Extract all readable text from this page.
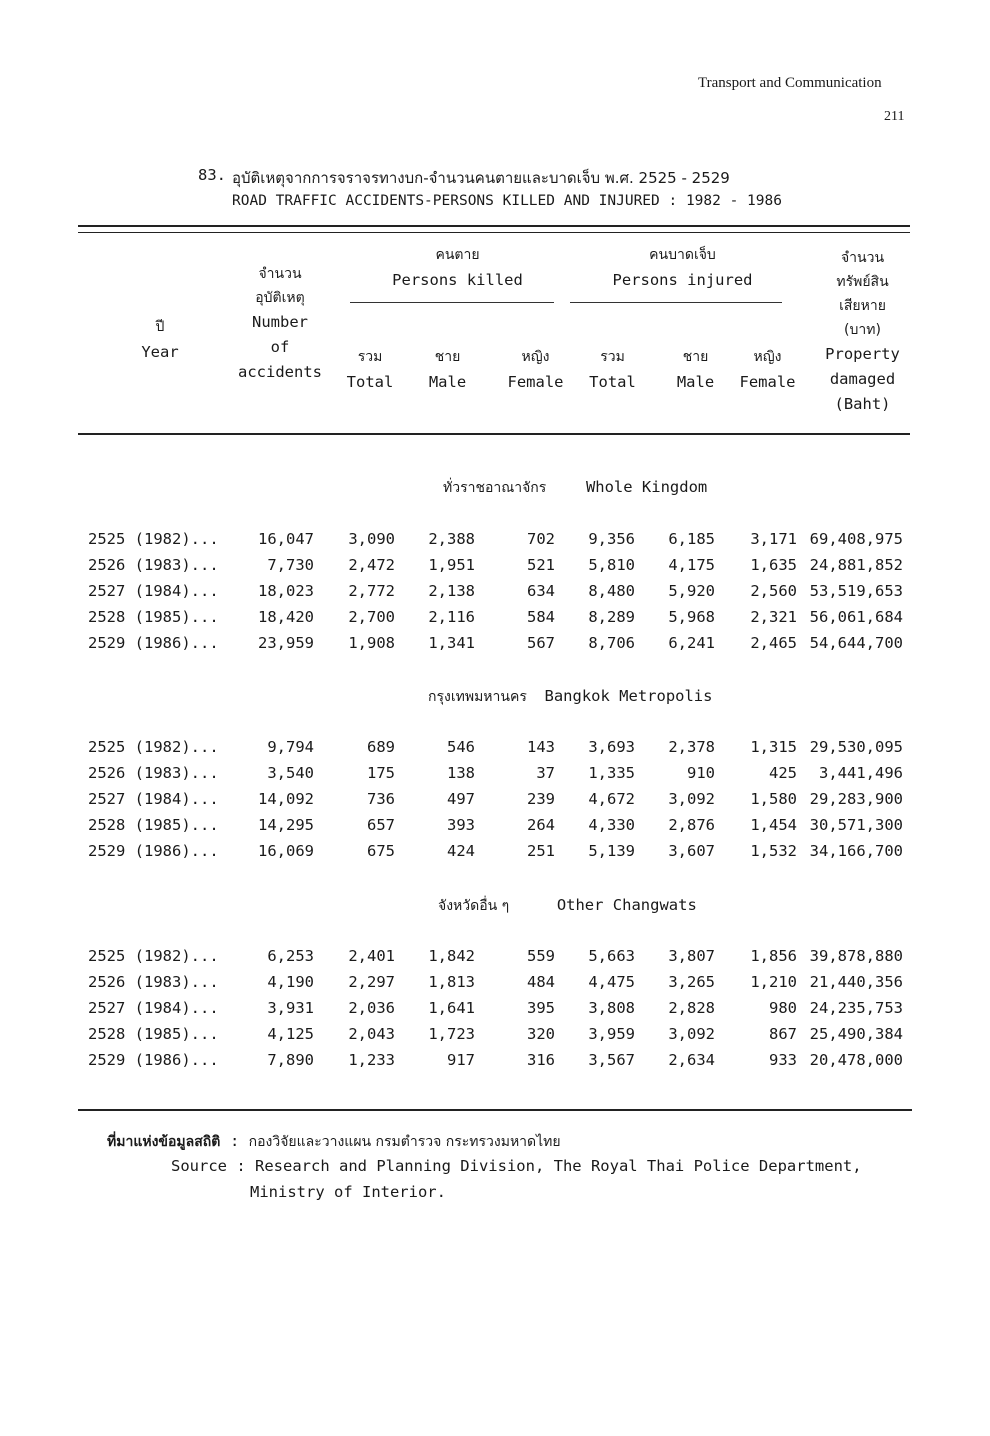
Transport and Communication
211
83. อุบัติเหตุจากการจราจรทางบก-จำนวนคนตายและบาดเจ็บ พ.ศ. 2525 - 2529
ROAD TRAFFIC ACCIDENTS-PERSONS KILLED AND INJURED : 1982 - 1986
ปี
Year
จำนวน
อุบัติเหตุ
Number
of
accidents
คนตาย
Persons killed
คนบาดเจ็บ
Persons injured
รวม
Total
ชาย
Male
หญิง
Female
รวม
Total
ชาย
Male
หญิง
Female
จำนวน
ทรัพย์สิน
เสียหาย
(บาท)
Property
damaged
(Baht)
ทั่วราชอาณาจักร	Whole Kingdom
กรุงเทพมหานคร Bangkok Metropolis
จังหวัดอื่น ๆ	Other Changwats
2525 (1982)...	16,047	3,090	2,388	702	9,356	6,185	3,171 69,408,975
2526 (1983)...	7,730	2,472	1,951	521	5,810	4,175	1,635 24,881,852
2527 (1984)...	18,023	2,772	2,138	634	8,480	5,920	2,560 53,519,653
2528 (1985)...	18,420	2,700	2,116	584	8,289	5,968	2,321 56,061,684
2529 (1986)...	23,959	1,908	1,341	567	8,706	6,241	2,465 54,644,700
2525 (1982)...	9,794	689	546	143	3,693	2,378	1,315 29,530,095
2526 (1983)...	3,540	175	138	37	1,335	910	425	3,441,496
2527 (1984)...	14,092	736	497	239	4,672	3,092	1,580 29,283,900
2528 (1985)...	14,295	657	393	264	4,330	2,876	1,454 30,571,300
2529 (1986)...	16,069	675	424	251	5,139	3,607	1,532 34,166,700
2525 (1982)...	6,253	2,401	1,842	559	5,663	3,807	1,856 39,878,880
2526 (1983)...	4,190	2,297	1,813	484	4,475	3,265	1,210 21,440,356
2527 (1984)...	3,931	2,036	1,641	395	3,808	2,828	980 24,235,753
2528 (1985)...	4,125	2,043	1,723	320	3,959	3,092	867 25,490,384
2529 (1986)...	7,890	1,233	917	316	3,567	2,634	933 20,478,000
ที่มาแห่งข้อมูลสถิติ : กองวิจัยและวางแผน กรมตำรวจ กระทรวงมหาดไทย
Source : Research and Planning Division, The Royal Thai Police Department,
Ministry of Interior.
